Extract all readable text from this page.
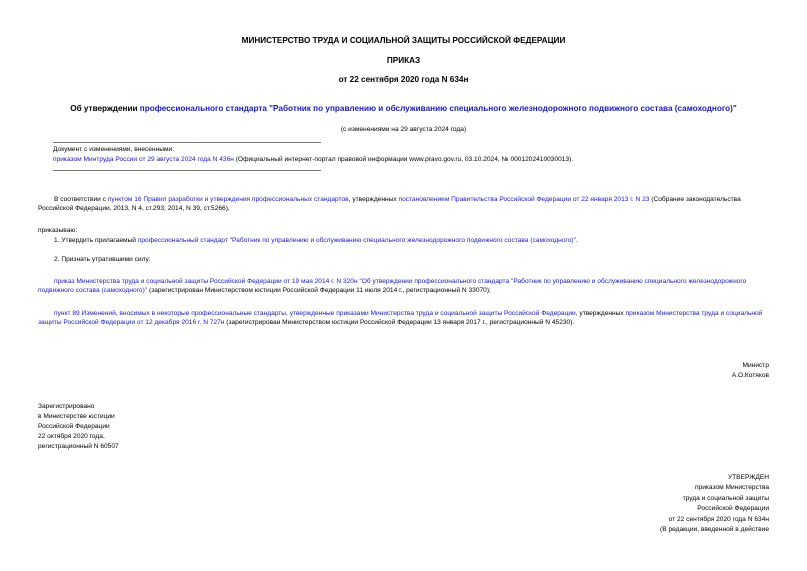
МИНИСТЕРСТВО ТРУДА И СОЦИАЛЬНОЙ ЗАЩИТЫ РОССИЙСКОЙ ФЕДЕРАЦИИ
ПРИКАЗ
от 22 сентября 2020 года N 634н
Об утверждении профессионального стандарта "Работник по управлению и обслуживанию специального железнодорожного подвижного состава (самоходного)"
(с изменениями на 29 августа 2024 года)
Документ с изменениями, внесенными:
приказом Минтруда России от 29 августа 2024 года N 436н (Официальный интернет-портал правовой информации www.pravo.gov.ru, 03.10.2024, № 0001202410030013).
В соответствии с пунктом 16 Правил разработки и утверждения профессиональных стандартов, утвержденных постановлением Правительства Российской Федерации от 22 января 2013 г. N 23 (Собрание законодательства Российской Федерации, 2013, N 4, ст.293; 2014, N 39, ст.5266),
приказываю:
1. Утвердить прилагаемый профессиональный стандарт "Работник по управлению и обслуживанию специального железнодорожного подвижного состава (самоходного)".
2. Признать утратившими силу:
приказ Министерства труда и социальной защиты Российской Федерации от 19 мая 2014 г. N 320н "Об утверждении профессионального стандарта "Работник по управлению и обслуживанию специального железнодорожного подвижного состава (самоходного)" (зарегистрирован Министерством юстиции Российской Федерации 11 июля 2014 г., регистрационный N 33070);
пункт 89 Изменений, вносимых в некоторые профессиональные стандарты, утвержденные приказами Министерства труда и социальной защиты Российской Федерации, утвержденных приказом Министерства труда и социальной защиты Российской Федерации от 12 декабря 2016 г. N 727н (зарегистрирован Министерством юстиции Российской Федерации 13 января 2017 г., регистрационный N 45230).
Министр
А.О.Котяков
Зарегистрировано
в Министерстве юстиции
Российской Федерации
22 октября 2020 года,
регистрационный N 60507
УТВЕРЖДЕН
приказом Министерства
труда и социальной защиты
Российской Федерации
от 22 сентября 2020 года N 634н
(В редакции, введенной в действие
